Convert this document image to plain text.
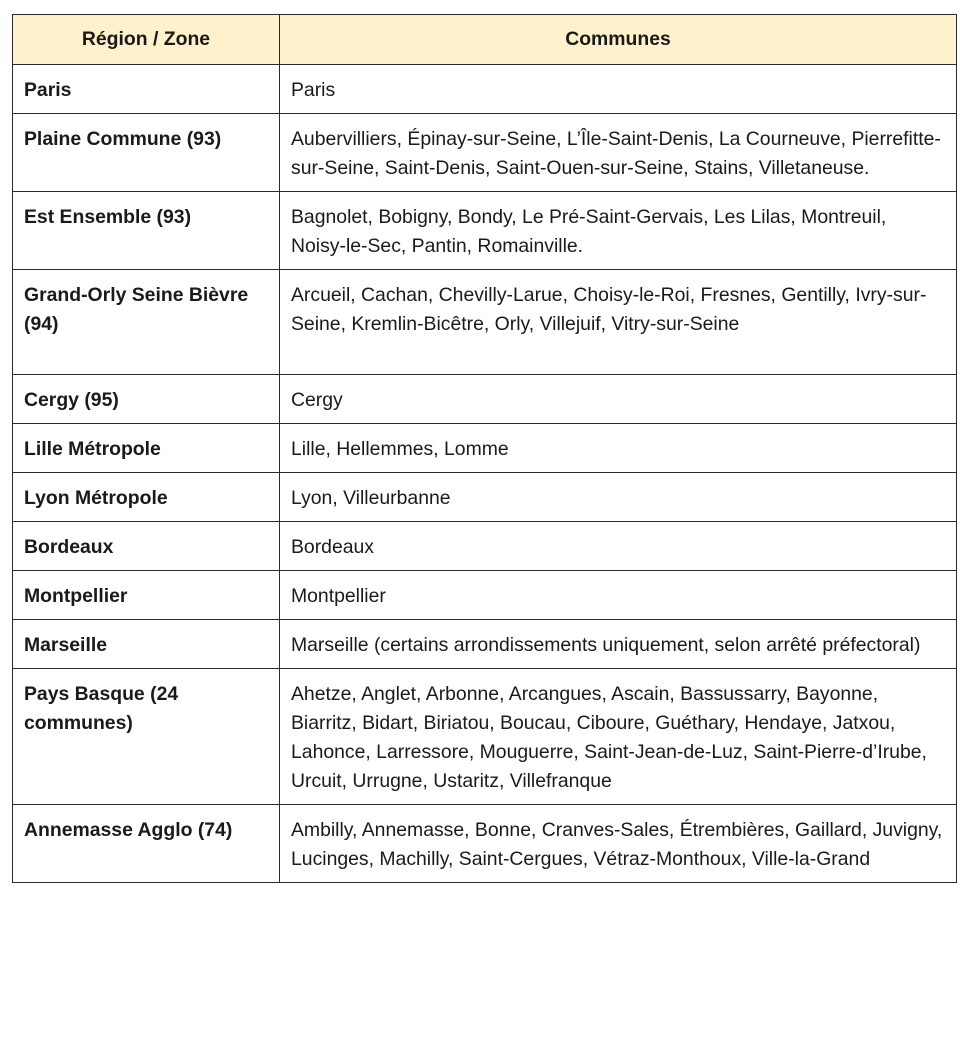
Région / Zone	Communes
Paris	Paris
Plaine Commune (93)	Aubervilliers, Épinay-sur-Seine, L’Île-Saint-Denis, La Courneuve, Pierrefitte-sur-Seine, Saint-Denis, Saint-Ouen-sur-Seine, Stains, Villetaneuse.
Est Ensemble (93)	Bagnolet, Bobigny, Bondy, Le Pré-Saint-Gervais, Les Lilas, Montreuil, Noisy-le-Sec, Pantin, Romainville.
Grand-Orly Seine Bièvre (94)	Arcueil, Cachan, Chevilly-Larue, Choisy-le-Roi, Fresnes, Gentilly, Ivry-sur-Seine, Kremlin-Bicêtre, Orly, Villejuif, Vitry-sur-Seine
Cergy (95)	Cergy
Lille Métropole	Lille, Hellemmes, Lomme
Lyon Métropole	Lyon, Villeurbanne
Bordeaux	Bordeaux
Montpellier	Montpellier
Marseille	Marseille (certains arrondissements uniquement, selon arrêté préfectoral)
Pays Basque (24 communes)	Ahetze, Anglet, Arbonne, Arcangues, Ascain, Bassussarry, Bayonne, Biarritz, Bidart, Biriatou, Boucau, Ciboure, Guéthary, Hendaye, Jatxou, Lahonce, Larressore, Mouguerre, Saint-Jean-de-Luz, Saint-Pierre-d’Irube, Urcuit, Urrugne, Ustaritz, Villefranque
Annemasse Agglo (74)	Ambilly, Annemasse, Bonne, Cranves-Sales, Étrembières, Gaillard, Juvigny, Lucinges, Machilly, Saint-Cergues, Vétraz-Monthoux, Ville-la-Grand
